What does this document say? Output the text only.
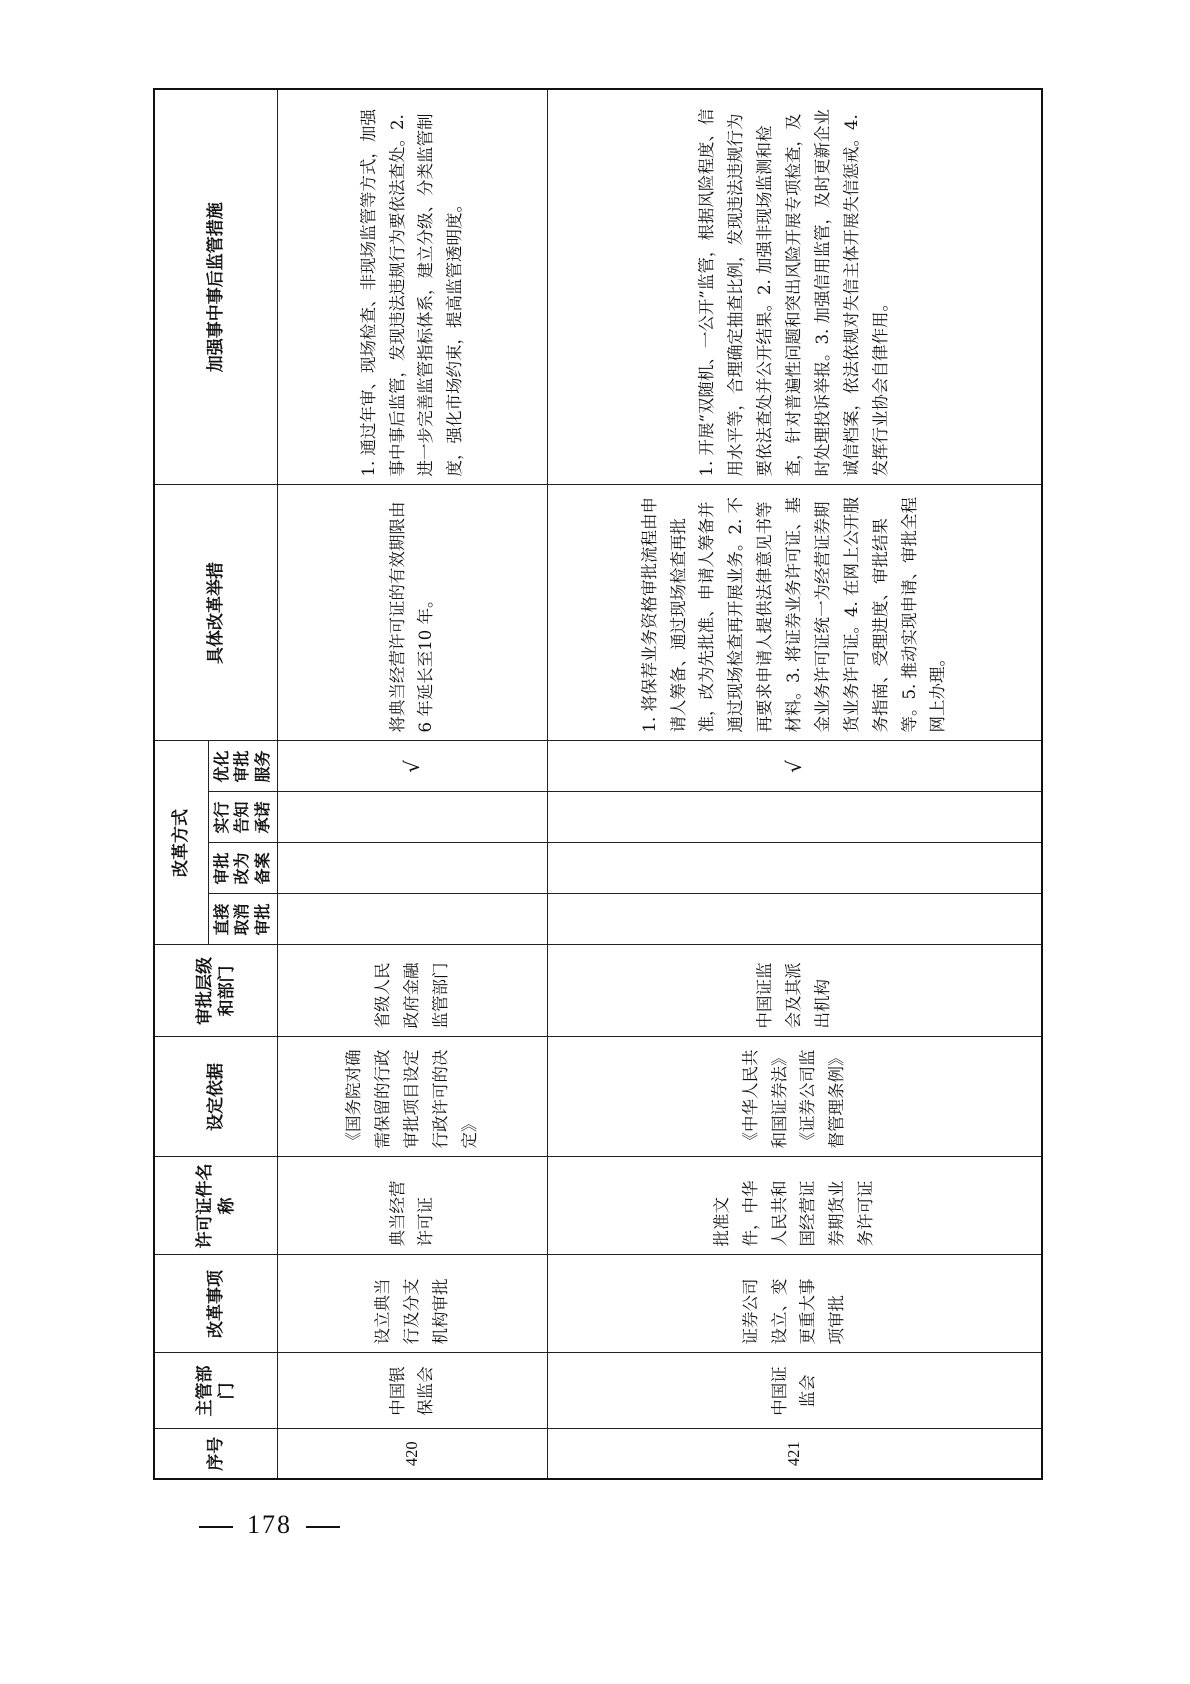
序号	主管部门	改革事项	许可证件名称	设定依据	审批层级和部门	改革方式				具体改革举措	加强事中事后监管措施
						直接取消审批	审批改为备案	实行告知承诺	优化审批服务		
420	中国银保监会	设立典当行及分支机构审批	典当经营许可证	《国务院对确需保留的行政审批项目设定行政许可的决定》	省级人民政府金融监管部门				√	将典当经营许可证的有效期限由6 年延长至10 年。	1. 通过年审、现场检查、非现场监管等方式，加强事中事后监管，发现违法违规行为要依法查处。2. 进一步完善监管指标体系，建立分级、分类监管制度，强化市场约束，提高监管透明度。
421	中国证监会	证券公司设立、变更重大事项审批	批准文件，中华人民共和国经营证券期货业务许可证	《中华人民共和国证券法》《证券公司监督管理条例》	中国证监会及其派出机构				√	1. 将保荐业务资格审批流程由申请人筹备、通过现场检查再批准，改为先批准、申请人筹备并通过现场检查再开展业务。2. 不再要求申请人提供法律意见书等材料。3. 将证券业务许可证、基金业务许可证统一为经营证券期货业务许可证。4. 在网上公开服务指南、受理进度、审批结果等。5. 推动实现申请、审批全程网上办理。	1. 开展“双随机、一公开”监管，根据风险程度、信用水平等，合理确定抽查比例，发现违法违规行为要依法查处并公开结果。2. 加强非现场监测和检查，针对普遍性问题和突出风险开展专项检查，及时处理投诉举报。3. 加强信用监管，及时更新企业诚信档案，依法依规对失信主体开展失信惩戒。4. 发挥行业协会自律作用。
178
